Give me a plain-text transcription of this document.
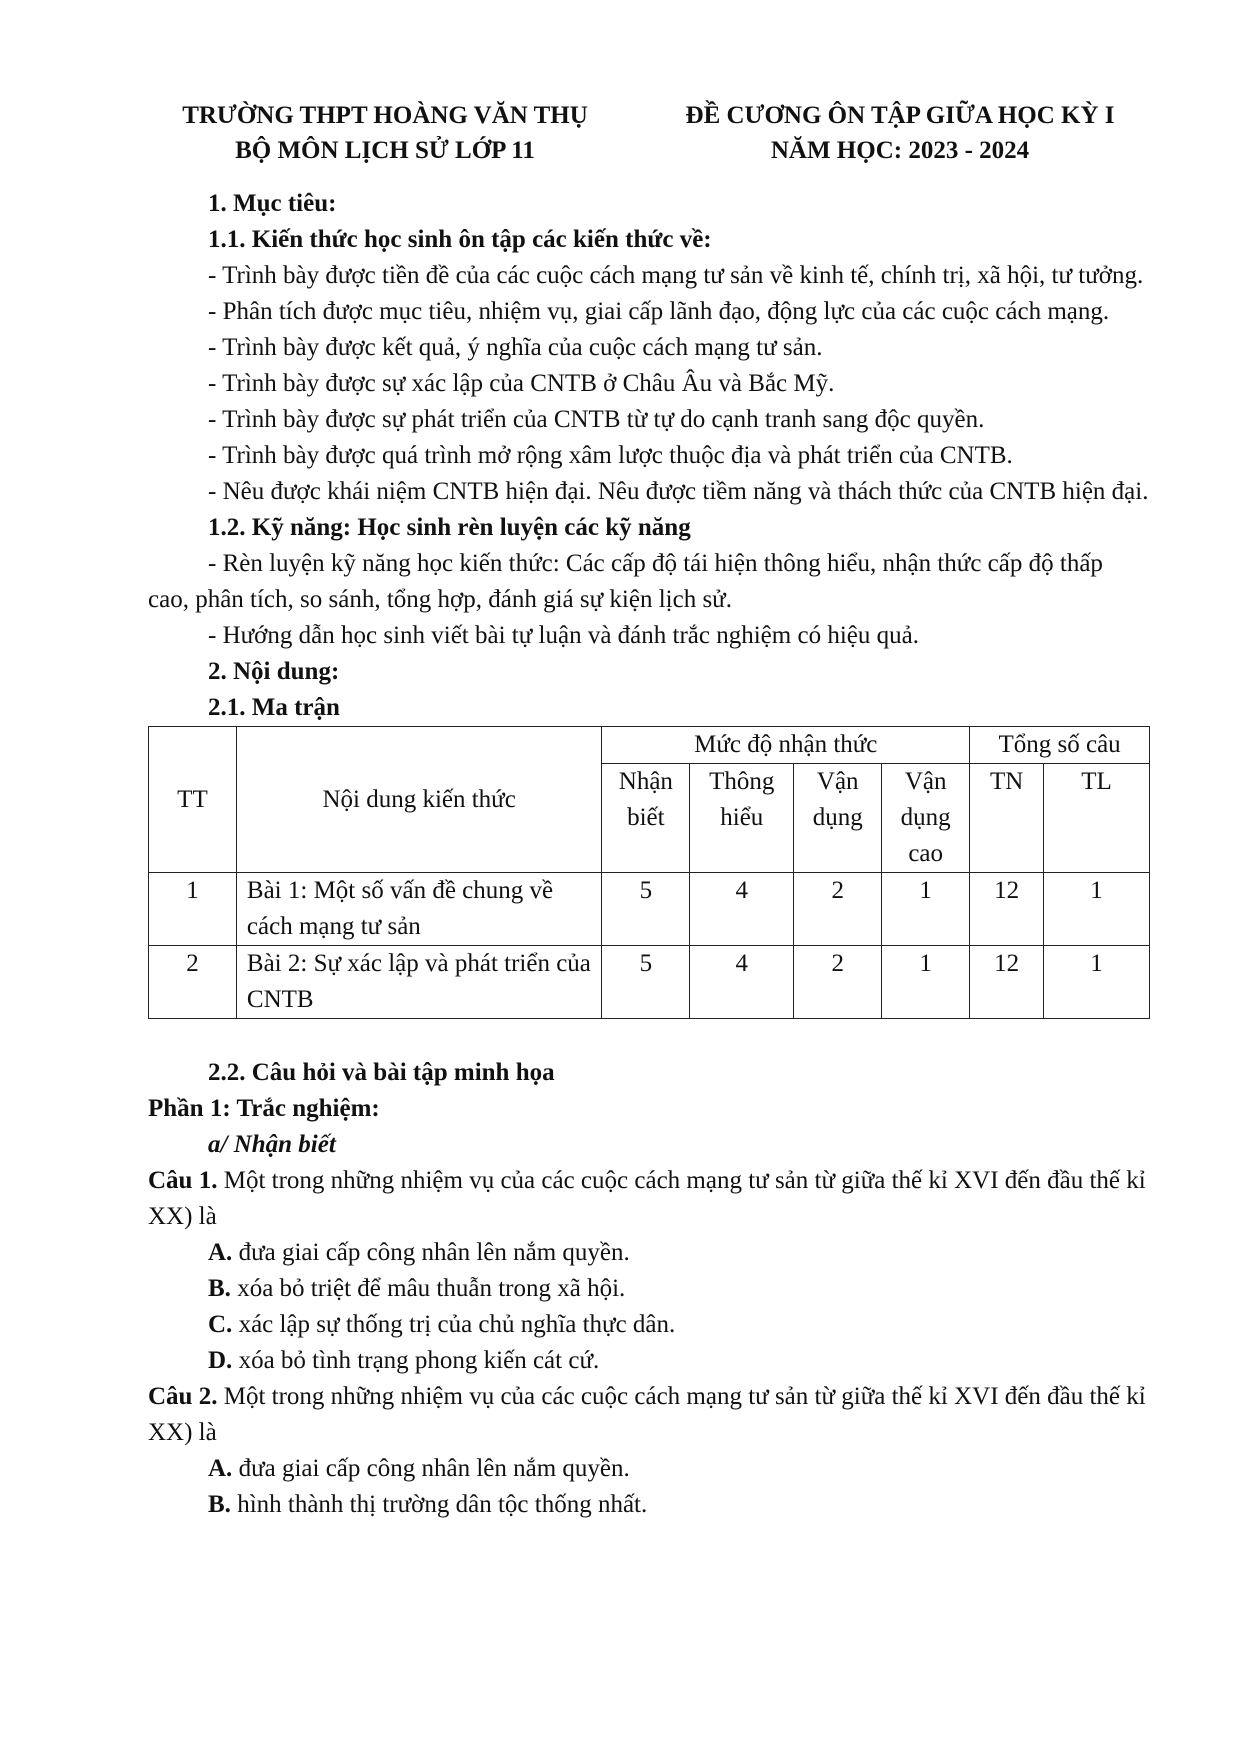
TRƯỜNG THPT HOÀNG VĂN THỤ
BỘ MÔN LỊCH SỬ LỚP 11
ĐỀ CƯƠNG ÔN TẬP GIỮA HỌC KỲ I
NĂM HỌC: 2023 - 2024

1. Mục tiêu:

1.1. Kiến thức học sinh ôn tập các kiến thức về:

- Trình bày được tiền đề của các cuộc cách mạng tư sản về kinh tế, chính trị, xã hội, tư tưởng.

- Phân tích được mục tiêu, nhiệm vụ, giai cấp lãnh đạo, động lực của các cuộc cách mạng.

- Trình bày được kết quả, ý nghĩa của cuộc cách mạng tư sản.

- Trình bày được sự xác lập của CNTB ở Châu Âu và Bắc Mỹ.

- Trình bày được sự phát triển của CNTB từ tự do cạnh tranh sang độc quyền.

- Trình bày được quá trình mở rộng xâm lược thuộc địa và phát triển của CNTB.

- Nêu được khái niệm CNTB hiện đại. Nêu được tiềm năng và thách thức của CNTB hiện đại.

1.2. Kỹ năng: Học sinh rèn luyện các kỹ năng

- Rèn luyện kỹ năng học kiến thức: Các cấp độ tái hiện thông hiểu, nhận thức cấp độ thấp cao, phân tích, so sánh, tổng hợp, đánh giá sự kiện lịch sử.

- Hướng dẫn học sinh viết bài tự luận và đánh trắc nghiệm có hiệu quả.

2. Nội dung:

2.1. Ma trận

TT	Nội dung kiến thức	Mức độ nhận thức				Tổng số câu	
		Nhận biết	Thông hiểu	Vận dụng	Vận dụng cao	TN	TL

1	Bài 1: Một số vấn đề chung về cách mạng tư sản	5	4	2	1	12	1
2	Bài 2: Sự xác lập và phát triển của CNTB	5	4	2	1	12	1

2.2. Câu hỏi và bài tập minh họa

Phần 1: Trắc nghiệm:

a/ Nhận biết

Câu 1. Một trong những nhiệm vụ của các cuộc cách mạng tư sản từ giữa thế kỉ XVI đến đầu thế kỉ XX) là

A. đưa giai cấp công nhân lên nắm quyền.

B. xóa bỏ triệt để mâu thuẫn trong xã hội.

C. xác lập sự thống trị của chủ nghĩa thực dân.

D. xóa bỏ tình trạng phong kiến cát cứ.

Câu 2. Một trong những nhiệm vụ của các cuộc cách mạng tư sản từ giữa thế kỉ XVI đến đầu thế kỉ XX) là

A. đưa giai cấp công nhân lên nắm quyền.

B. hình thành thị trường dân tộc thống nhất.
